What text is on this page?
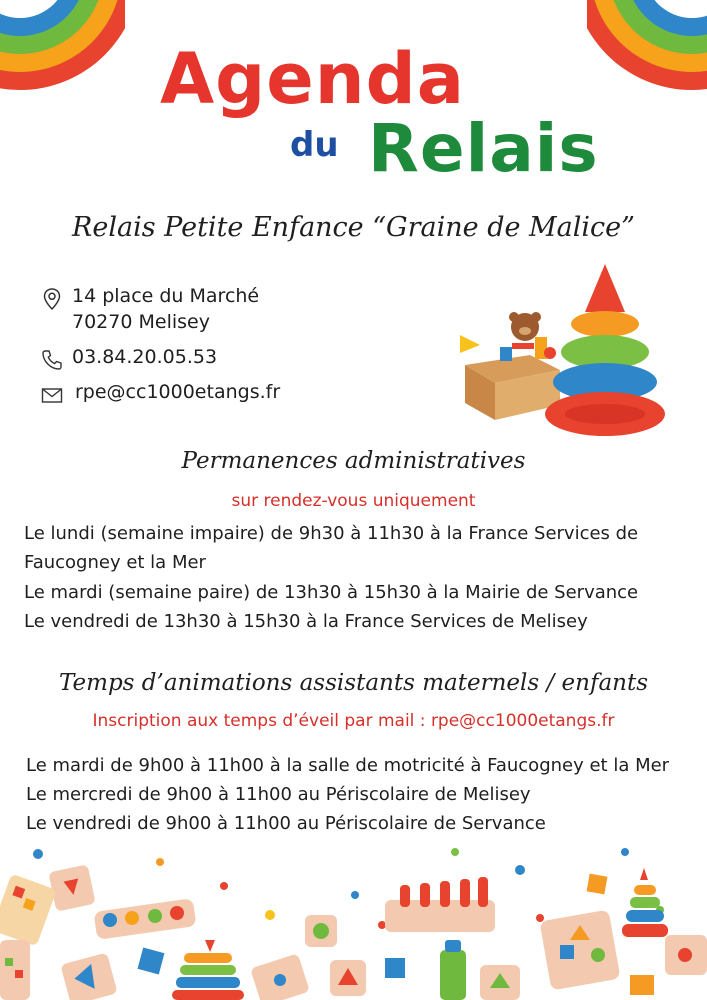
Agenda
du Relais
Relais Petite Enfance “Graine de Malice”
14 place du Marché
70270 Melisey
03.84.20.05.53
rpe@cc1000etangs.fr
Permanences administratives
sur rendez-vous uniquement
Le lundi (semaine impaire) de 9h30 à 11h30 à la France Services de
Faucogney et la Mer
Le mardi (semaine paire) de 13h30 à 15h30 à la Mairie de Servance
Le vendredi de 13h30 à 15h30 à la France Services de Melisey
Temps d’animations assistants maternels / enfants
Inscription aux temps d’éveil par mail : rpe@cc1000etangs.fr
Le mardi de 9h00 à 11h00 à la salle de motricité à Faucogney et la Mer
Le mercredi de 9h00 à 11h00 au Périscolaire de Melisey
Le vendredi de 9h00 à 11h00 au Périscolaire de Servance
